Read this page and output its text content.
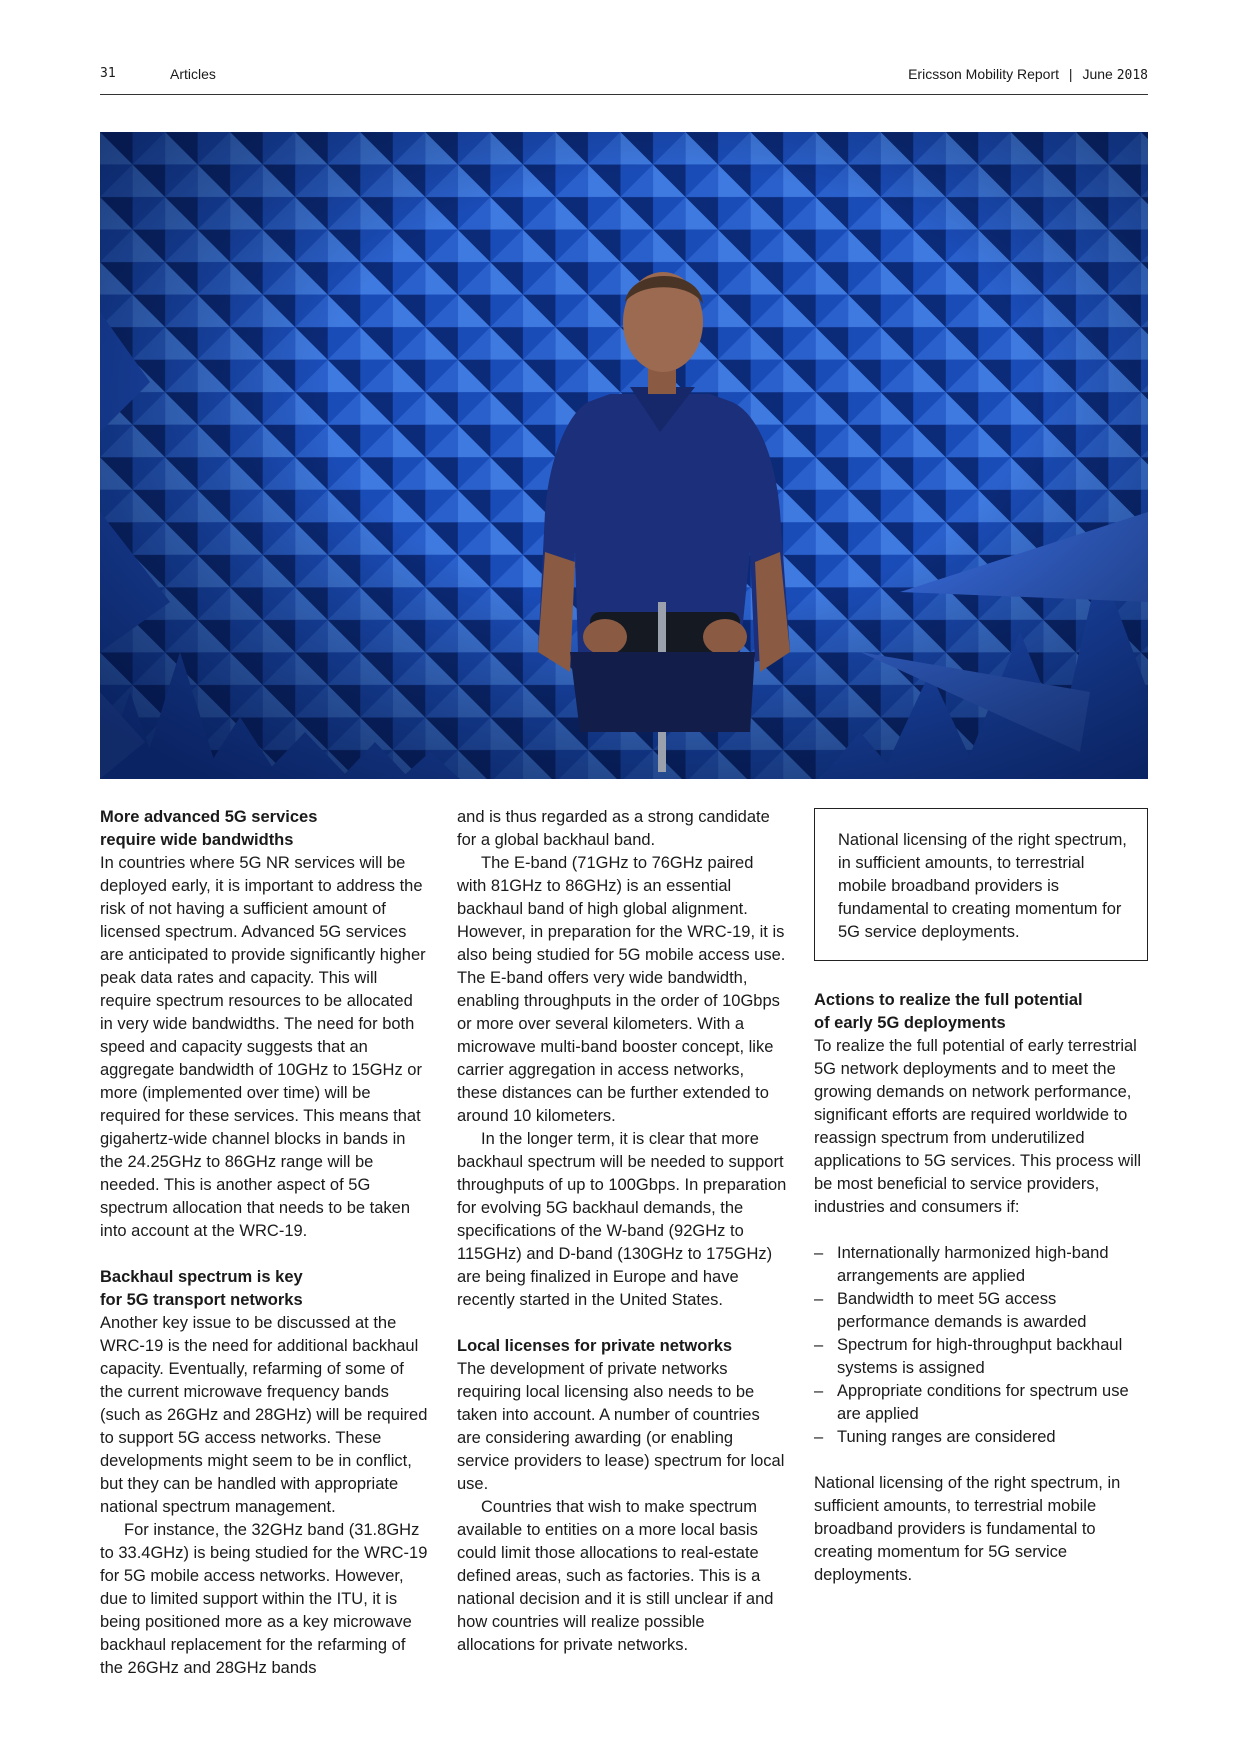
31	Articles	Ericsson Mobility Report | June 2018
More advanced 5G services
require wide bandwidths

In countries where 5G NR services will be deployed early, it is important to address the risk of not having a sufficient amount of licensed spectrum. Advanced 5G services are anticipated to provide significantly higher peak data rates and capacity. This will require spectrum resources to be allocated in very wide bandwidths. The need for both speed and capacity suggests that an aggregate bandwidth of 10GHz to 15GHz or more (implemented over time) will be required for these services. This means that gigahertz-wide channel blocks in bands in the 24.25GHz to 86GHz range will be needed. This is another aspect of 5G spectrum allocation that needs to be taken into account at the WRC-19.

Backhaul spectrum is key
for 5G transport networks

Another key issue to be discussed at the WRC-19 is the need for additional backhaul capacity. Eventually, refarming of some of the current microwave frequency bands (such as 26GHz and 28GHz) will be required to support 5G access networks. These developments might seem to be in conflict, but they can be handled with appropriate national spectrum management.

For instance, the 32GHz band (31.8GHz to 33.4GHz) is being studied for the WRC-19 for 5G mobile access networks. However, due to limited support within the ITU, it is being positioned more as a key microwave backhaul replacement for the refarming of the 26GHz and 28GHz bands

and is thus regarded as a strong candidate for a global backhaul band.

The E-band (71GHz to 76GHz paired with 81GHz to 86GHz) is an essential backhaul band of high global alignment. However, in preparation for the WRC-19, it is also being studied for 5G mobile access use. The E-band offers very wide bandwidth, enabling throughputs in the order of 10Gbps or more over several kilometers. With a microwave multi-band booster concept, like carrier aggregation in access networks, these distances can be further extended to around 10 kilometers.

In the longer term, it is clear that more backhaul spectrum will be needed to support throughputs of up to 100Gbps. In preparation for evolving 5G backhaul demands, the specifications of the W-band (92GHz to 115GHz) and D-band (130GHz to 175GHz) are being finalized in Europe and have recently started in the United States.

Local licenses for private networks

The development of private networks requiring local licensing also needs to be taken into account. A number of countries are considering awarding (or enabling service providers to lease) spectrum for local use.

Countries that wish to make spectrum available to entities on a more local basis could limit those allocations to real-estate defined areas, such as factories. This is a national decision and it is still unclear if and how countries will realize possible allocations for private networks.

National licensing of the right spectrum, in sufficient amounts, to terrestrial mobile broadband providers is fundamental to creating momentum for 5G service deployments.

Actions to realize the full potential
of early 5G deployments

To realize the full potential of early terrestrial 5G network deployments and to meet the growing demands on network performance, significant efforts are required worldwide to reassign spectrum from underutilized applications to 5G services. This process will be most beneficial to service providers, industries and consumers if:

– Internationally harmonized high-band arrangements are applied
– Bandwidth to meet 5G access performance demands is awarded
– Spectrum for high-throughput backhaul systems is assigned
– Appropriate conditions for spectrum use are applied
– Tuning ranges are considered

National licensing of the right spectrum, in sufficient amounts, to terrestrial mobile broadband providers is fundamental to creating momentum for 5G service deployments.
